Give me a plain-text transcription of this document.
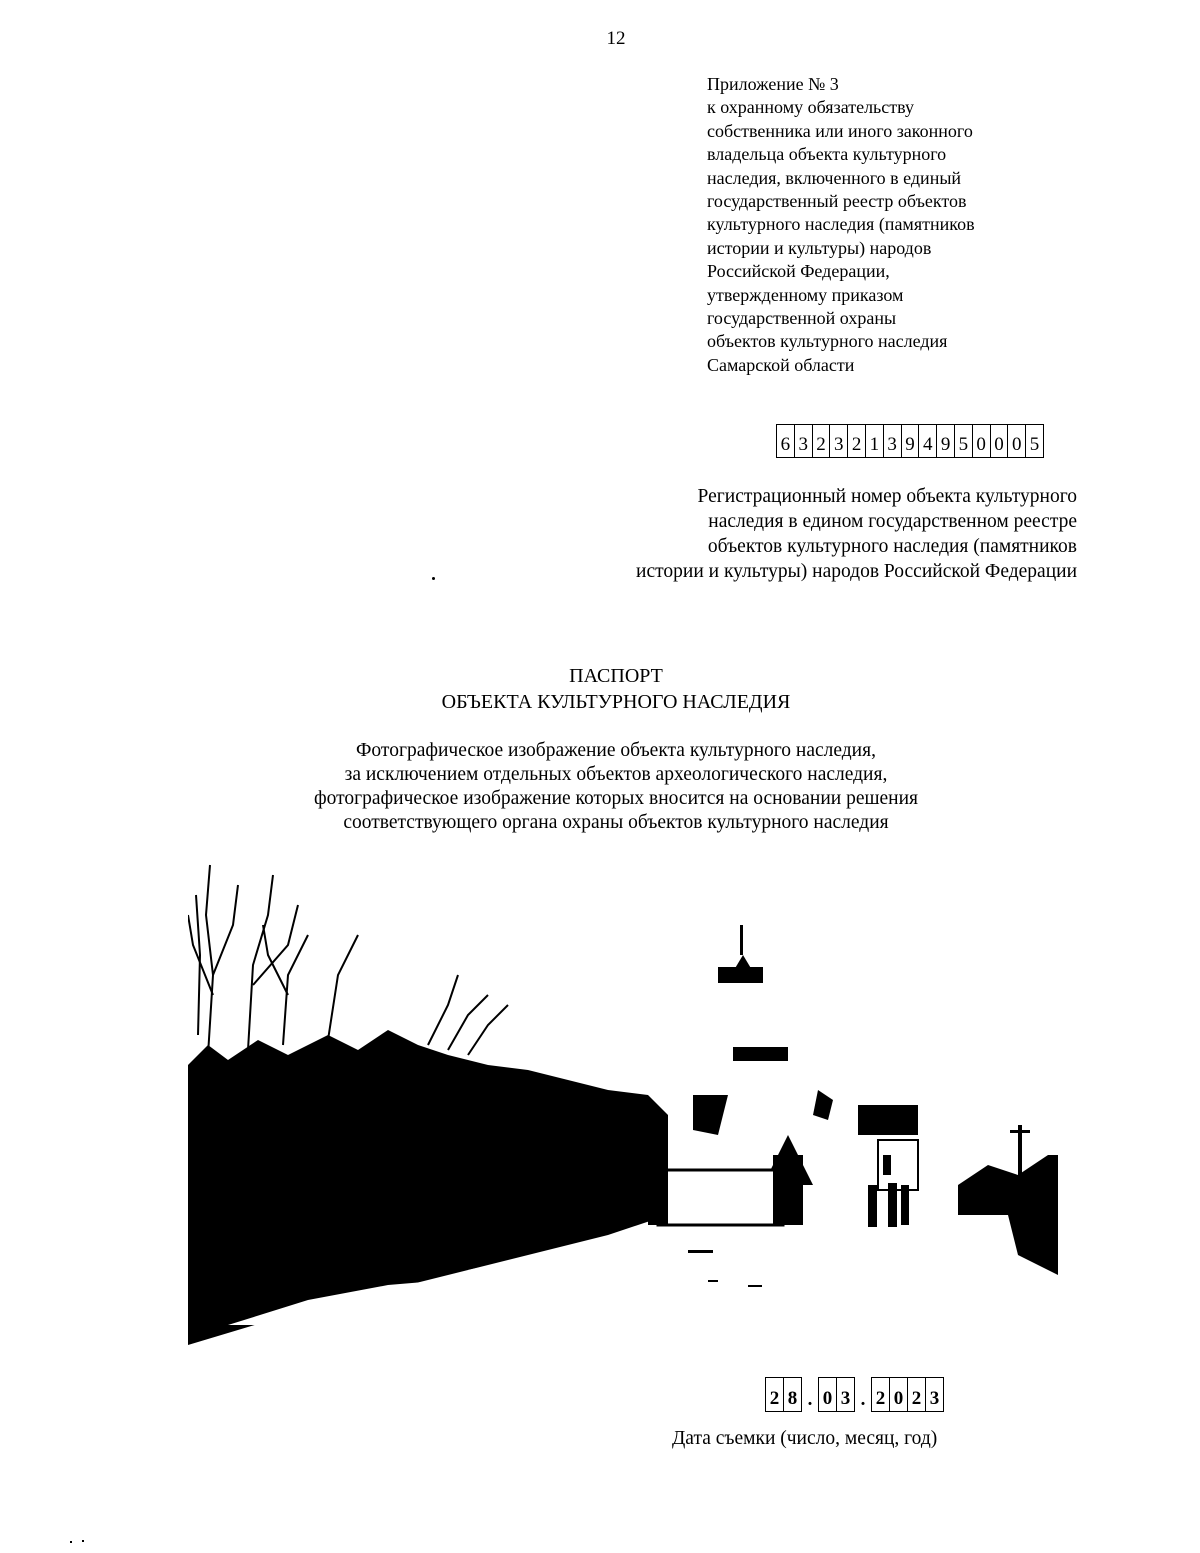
12
Приложение № 3
к охранному обязательству
собственника или иного законного
владельца объекта культурного
наследия, включенного в единый
государственный реестр объектов
культурного наследия (памятников
истории и культуры) народов
Российской Федерации,
утвержденному приказом
государственной охраны
объектов культурного наследия
Самарской области
6 3 2 3 2 1 3 9 4 9 5 0 0 0 5
Регистрационный номер объекта культурного
наследия в едином государственном реестре
объектов культурного наследия (памятников
истории и культуры) народов Российской Федерации
ПАСПОРТ
ОБЪЕКТА КУЛЬТУРНОГО НАСЛЕДИЯ
Фотографическое изображение объекта культурного наследия,
за исключением отдельных объектов археологического наследия,
фотографическое изображение которых вносится на основании решения
соответствующего органа охраны объектов культурного наследия
2 8 . 0 3 . 2 0 2 3
Дата съемки (число, месяц, год)
